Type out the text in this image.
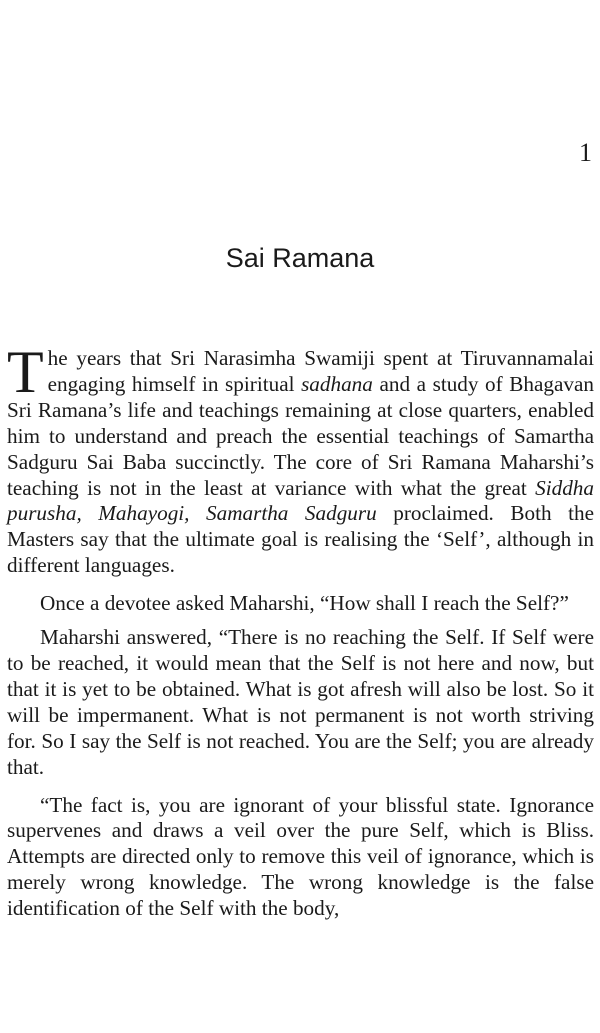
1
Sai Ramana

The years that Sri Narasimha Swamiji spent at Tiruvannamalai engaging himself in spiritual sadhana and a study of Bhagavan Sri Ramana’s life and teachings remaining at close quarters, enabled him to understand and preach the essential teachings of Samartha Sadguru Sai Baba succinctly. The core of Sri Ramana Maharshi’s teaching is not in the least at variance with what the great Siddha purusha, Mahayogi, Samartha Sadguru proclaimed. Both the Masters say that the ultimate goal is realising the ‘Self’, although in different languages.

Once a devotee asked Maharshi, “How shall I reach the Self?”

Maharshi answered, “There is no reaching the Self. If Self were to be reached, it would mean that the Self is not here and now, but that it is yet to be obtained. What is got afresh will also be lost. So it will be impermanent. What is not permanent is not worth striving for. So I say the Self is not reached. You are the Self; you are already that.

“The fact is, you are ignorant of your blissful state. Ignorance supervenes and draws a veil over the pure Self, which is Bliss. Attempts are directed only to remove this veil of ignorance, which is merely wrong knowledge. The wrong knowledge is the false identification of the Self with the body,
